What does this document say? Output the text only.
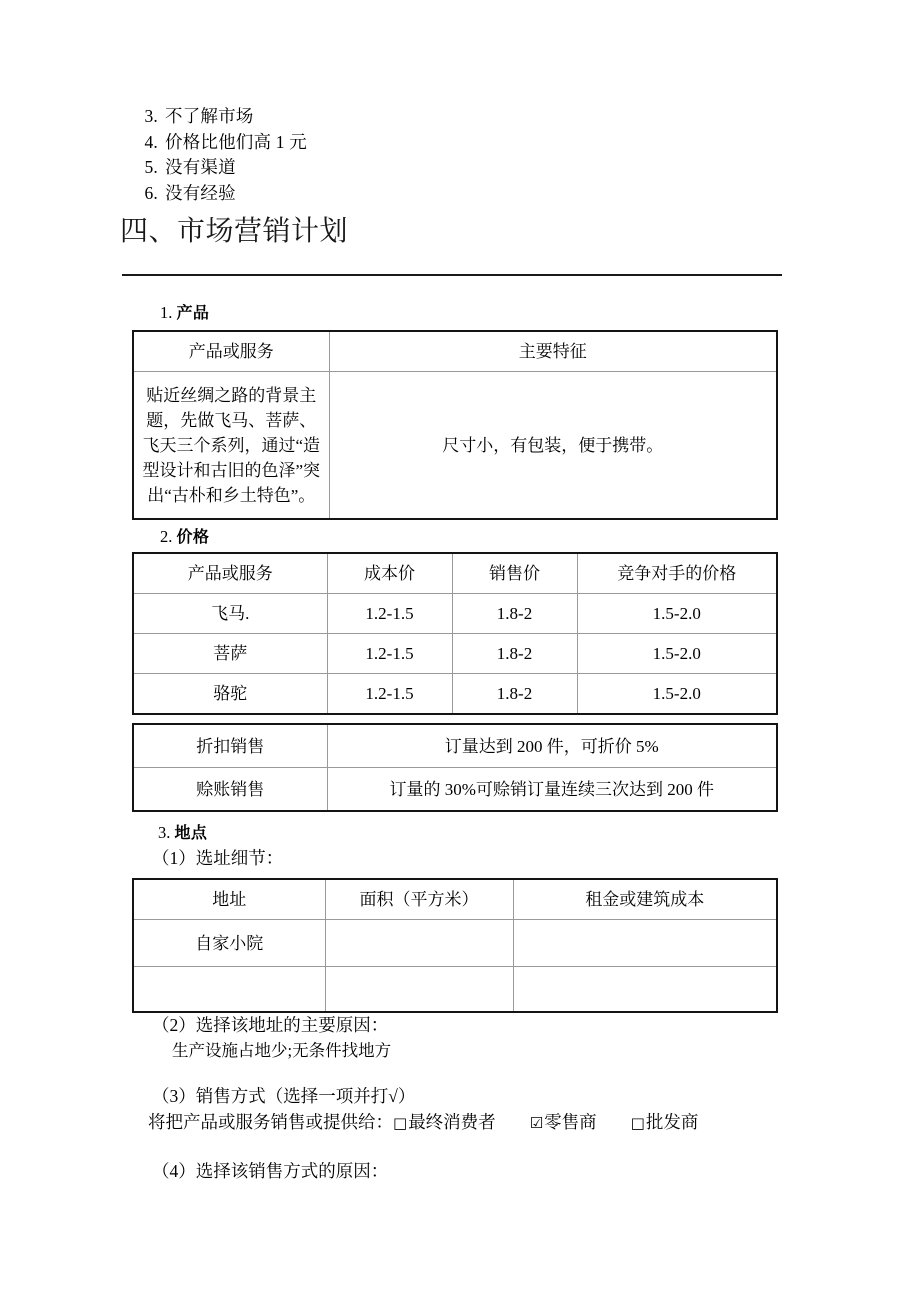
3. 不了解市场
4. 价格比他们高 1 元
5. 没有渠道
6. 没有经验
四、市场营销计划
1. 产品
产品或服务	主要特征
贴近丝绸之路的背景主题，先做飞马、菩萨、飞天三个系列，通过“造型设计和古旧的色泽”突出“古朴和乡土特色”。	尺寸小，有包装，便于携带。
2. 价格
产品或服务	成本价	销售价	竞争对手的价格
飞马.	1.2-1.5	1.8-2	1.5-2.0
菩萨	1.2-1.5	1.8-2	1.5-2.0
骆驼	1.2-1.5	1.8-2	1.5-2.0
折扣销售	订量达到 200 件，可折价 5%
赊账销售	订量的 30%可赊销订量连续三次达到 200 件
3. 地点
（1）选址细节：
地址	面积（平方米）	租金或建筑成本
自家小院		

（2）选择该地址的主要原因：
生产设施占地少;无条件找地方
（3）销售方式（选择一项并打√）
将把产品或服务销售或提供给：□最终消费者 ☑零售商 □批发商
（4）选择该销售方式的原因：
